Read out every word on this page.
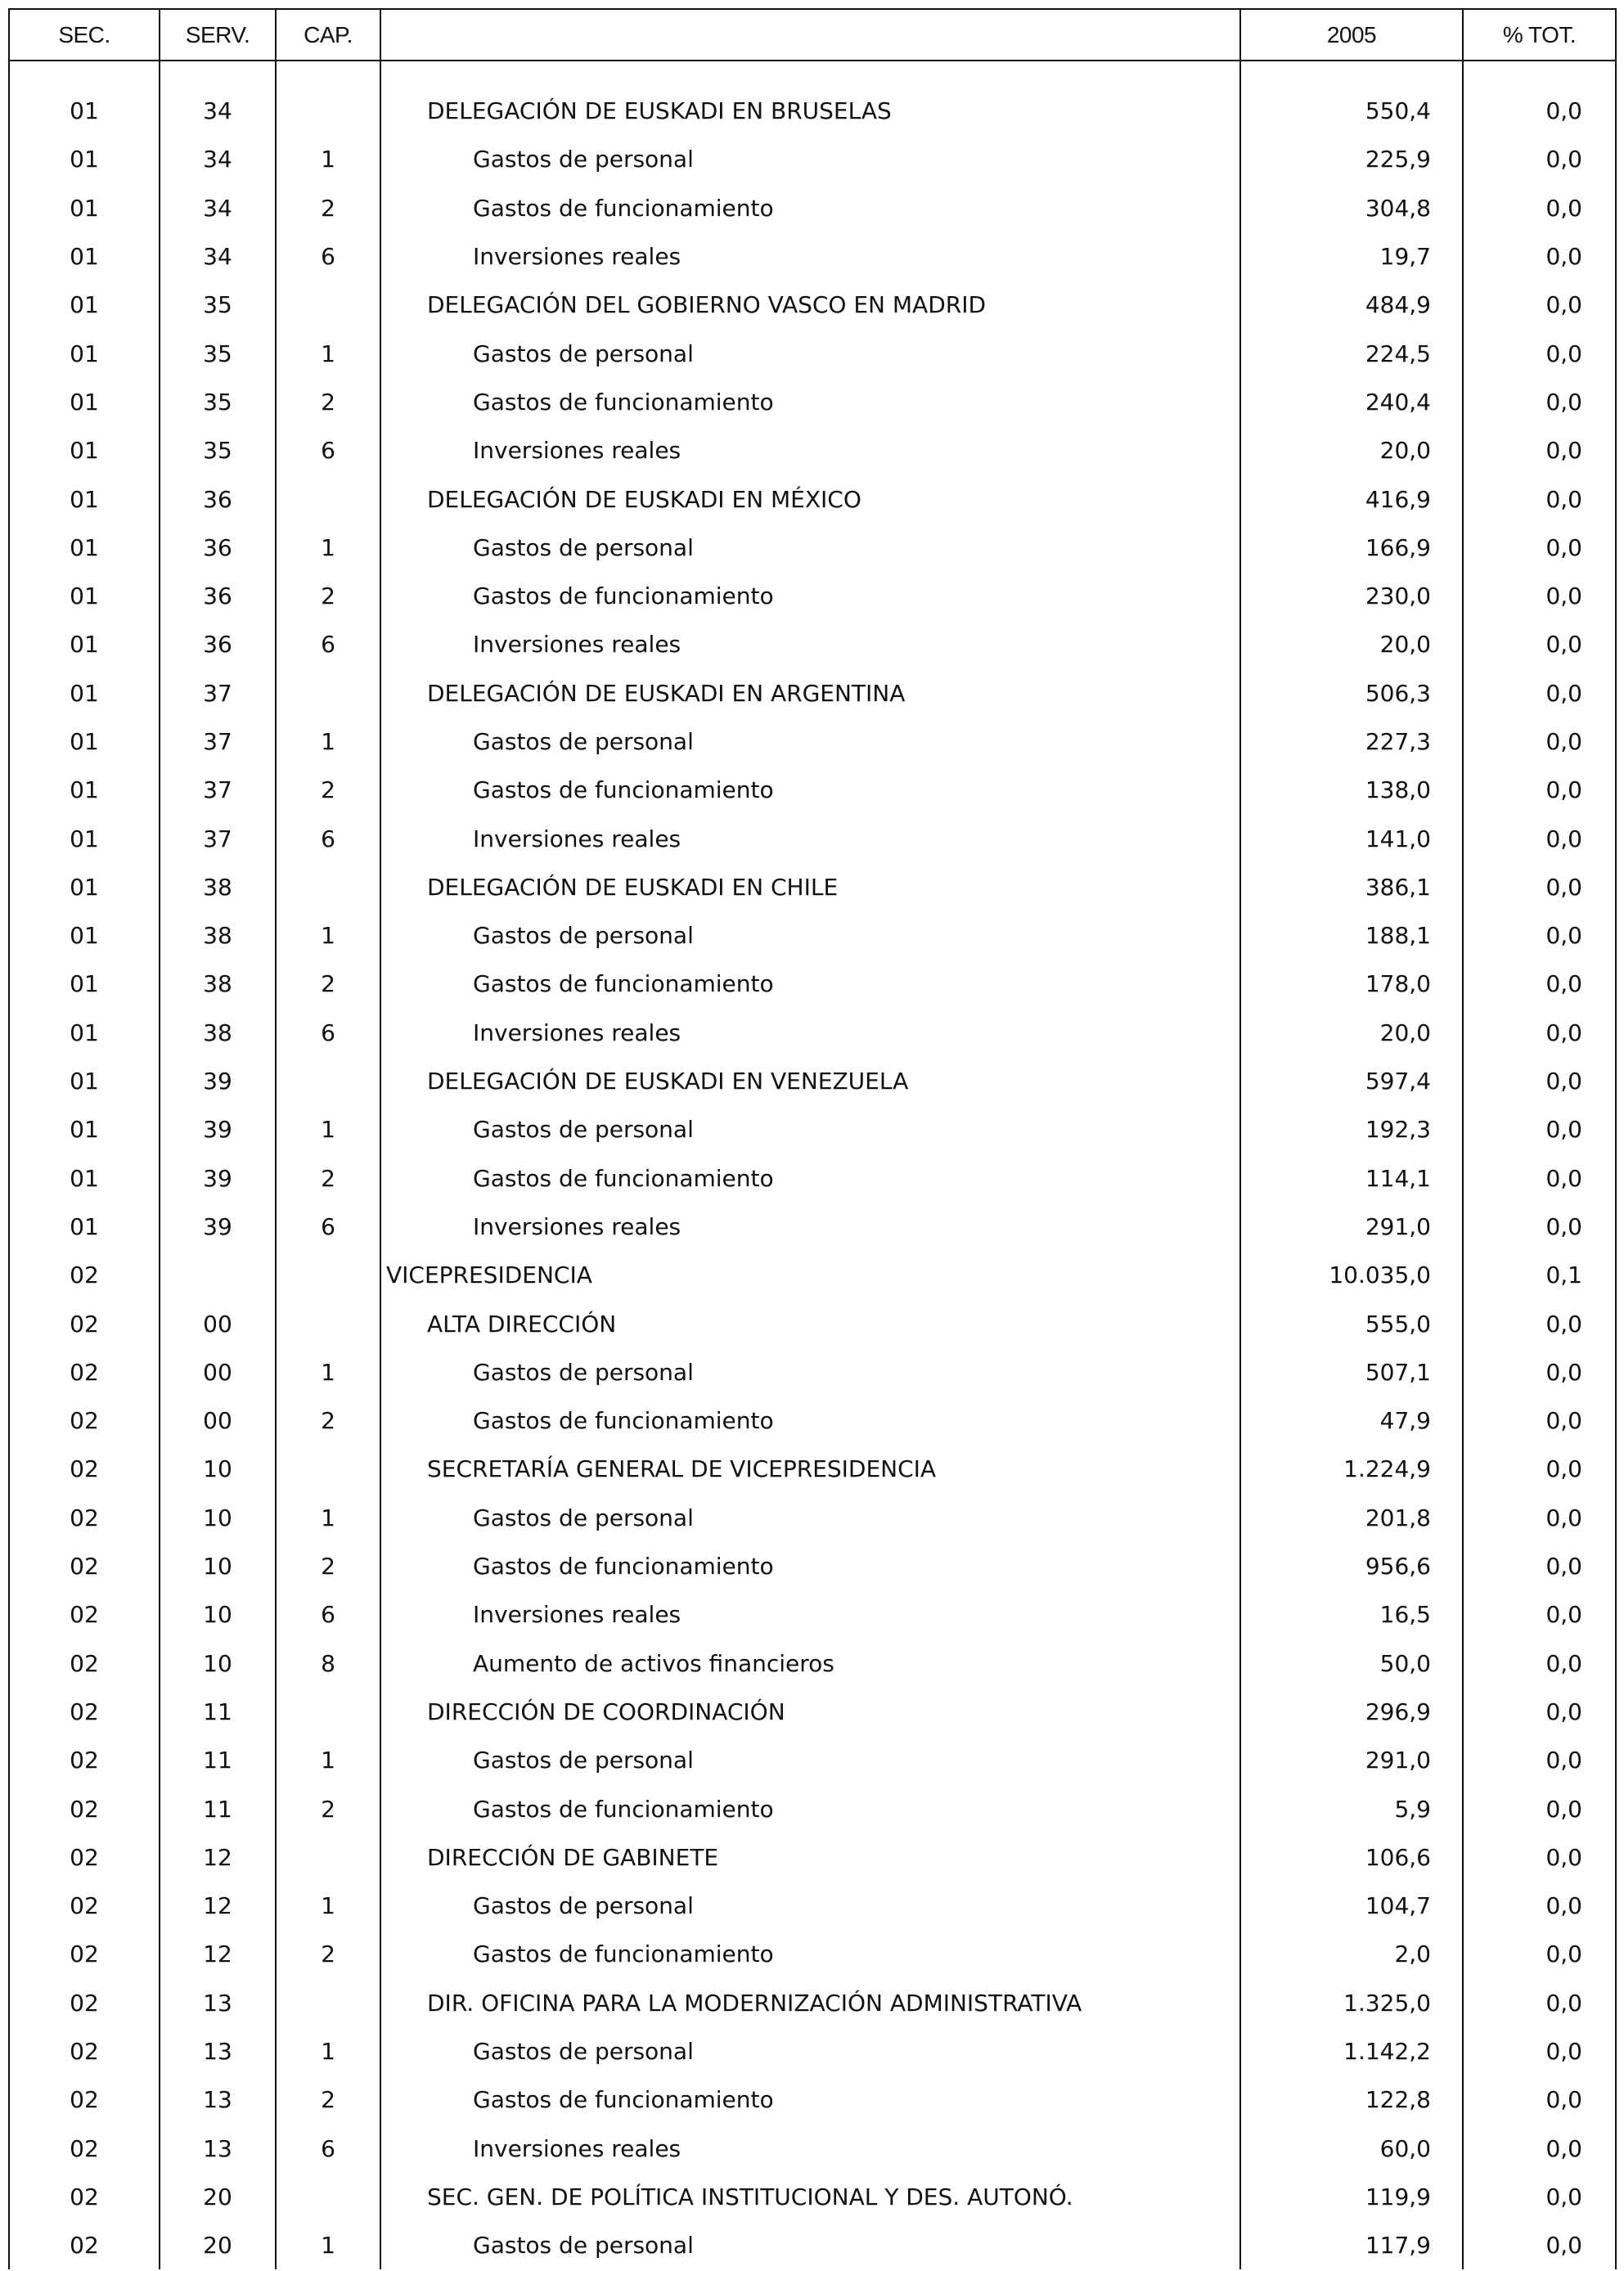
SEC.	SERV.	CAP.		2005	% TOT.

01	34		DELEGACIÓN DE EUSKADI EN BRUSELAS	550,4	0,0
01	34	1	Gastos de personal	225,9	0,0
01	34	2	Gastos de funcionamiento	304,8	0,0
01	34	6	Inversiones reales	19,7	0,0
01	35		DELEGACIÓN DEL GOBIERNO VASCO EN MADRID	484,9	0,0
01	35	1	Gastos de personal	224,5	0,0
01	35	2	Gastos de funcionamiento	240,4	0,0
01	35	6	Inversiones reales	20,0	0,0
01	36		DELEGACIÓN DE EUSKADI EN MÉXICO	416,9	0,0
01	36	1	Gastos de personal	166,9	0,0
01	36	2	Gastos de funcionamiento	230,0	0,0
01	36	6	Inversiones reales	20,0	0,0
01	37		DELEGACIÓN DE EUSKADI EN ARGENTINA	506,3	0,0
01	37	1	Gastos de personal	227,3	0,0
01	37	2	Gastos de funcionamiento	138,0	0,0
01	37	6	Inversiones reales	141,0	0,0
01	38		DELEGACIÓN DE EUSKADI EN CHILE	386,1	0,0
01	38	1	Gastos de personal	188,1	0,0
01	38	2	Gastos de funcionamiento	178,0	0,0
01	38	6	Inversiones reales	20,0	0,0
01	39		DELEGACIÓN DE EUSKADI EN VENEZUELA	597,4	0,0
01	39	1	Gastos de personal	192,3	0,0
01	39	2	Gastos de funcionamiento	114,1	0,0
01	39	6	Inversiones reales	291,0	0,0
02			VICEPRESIDENCIA	10.035,0	0,1
02	00		ALTA DIRECCIÓN	555,0	0,0
02	00	1	Gastos de personal	507,1	0,0
02	00	2	Gastos de funcionamiento	47,9	0,0
02	10		SECRETARÍA GENERAL DE VICEPRESIDENCIA	1.224,9	0,0
02	10	1	Gastos de personal	201,8	0,0
02	10	2	Gastos de funcionamiento	956,6	0,0
02	10	6	Inversiones reales	16,5	0,0
02	10	8	Aumento de activos financieros	50,0	0,0
02	11		DIRECCIÓN DE COORDINACIÓN	296,9	0,0
02	11	1	Gastos de personal	291,0	0,0
02	11	2	Gastos de funcionamiento	5,9	0,0
02	12		DIRECCIÓN DE GABINETE	106,6	0,0
02	12	1	Gastos de personal	104,7	0,0
02	12	2	Gastos de funcionamiento	2,0	0,0
02	13		DIR. OFICINA PARA LA MODERNIZACIÓN ADMINISTRATIVA	1.325,0	0,0
02	13	1	Gastos de personal	1.142,2	0,0
02	13	2	Gastos de funcionamiento	122,8	0,0
02	13	6	Inversiones reales	60,0	0,0
02	20		SEC. GEN. DE POLÍTICA INSTITUCIONAL Y DES. AUTONÓ.	119,9	0,0
02	20	1	Gastos de personal	117,9	0,0
